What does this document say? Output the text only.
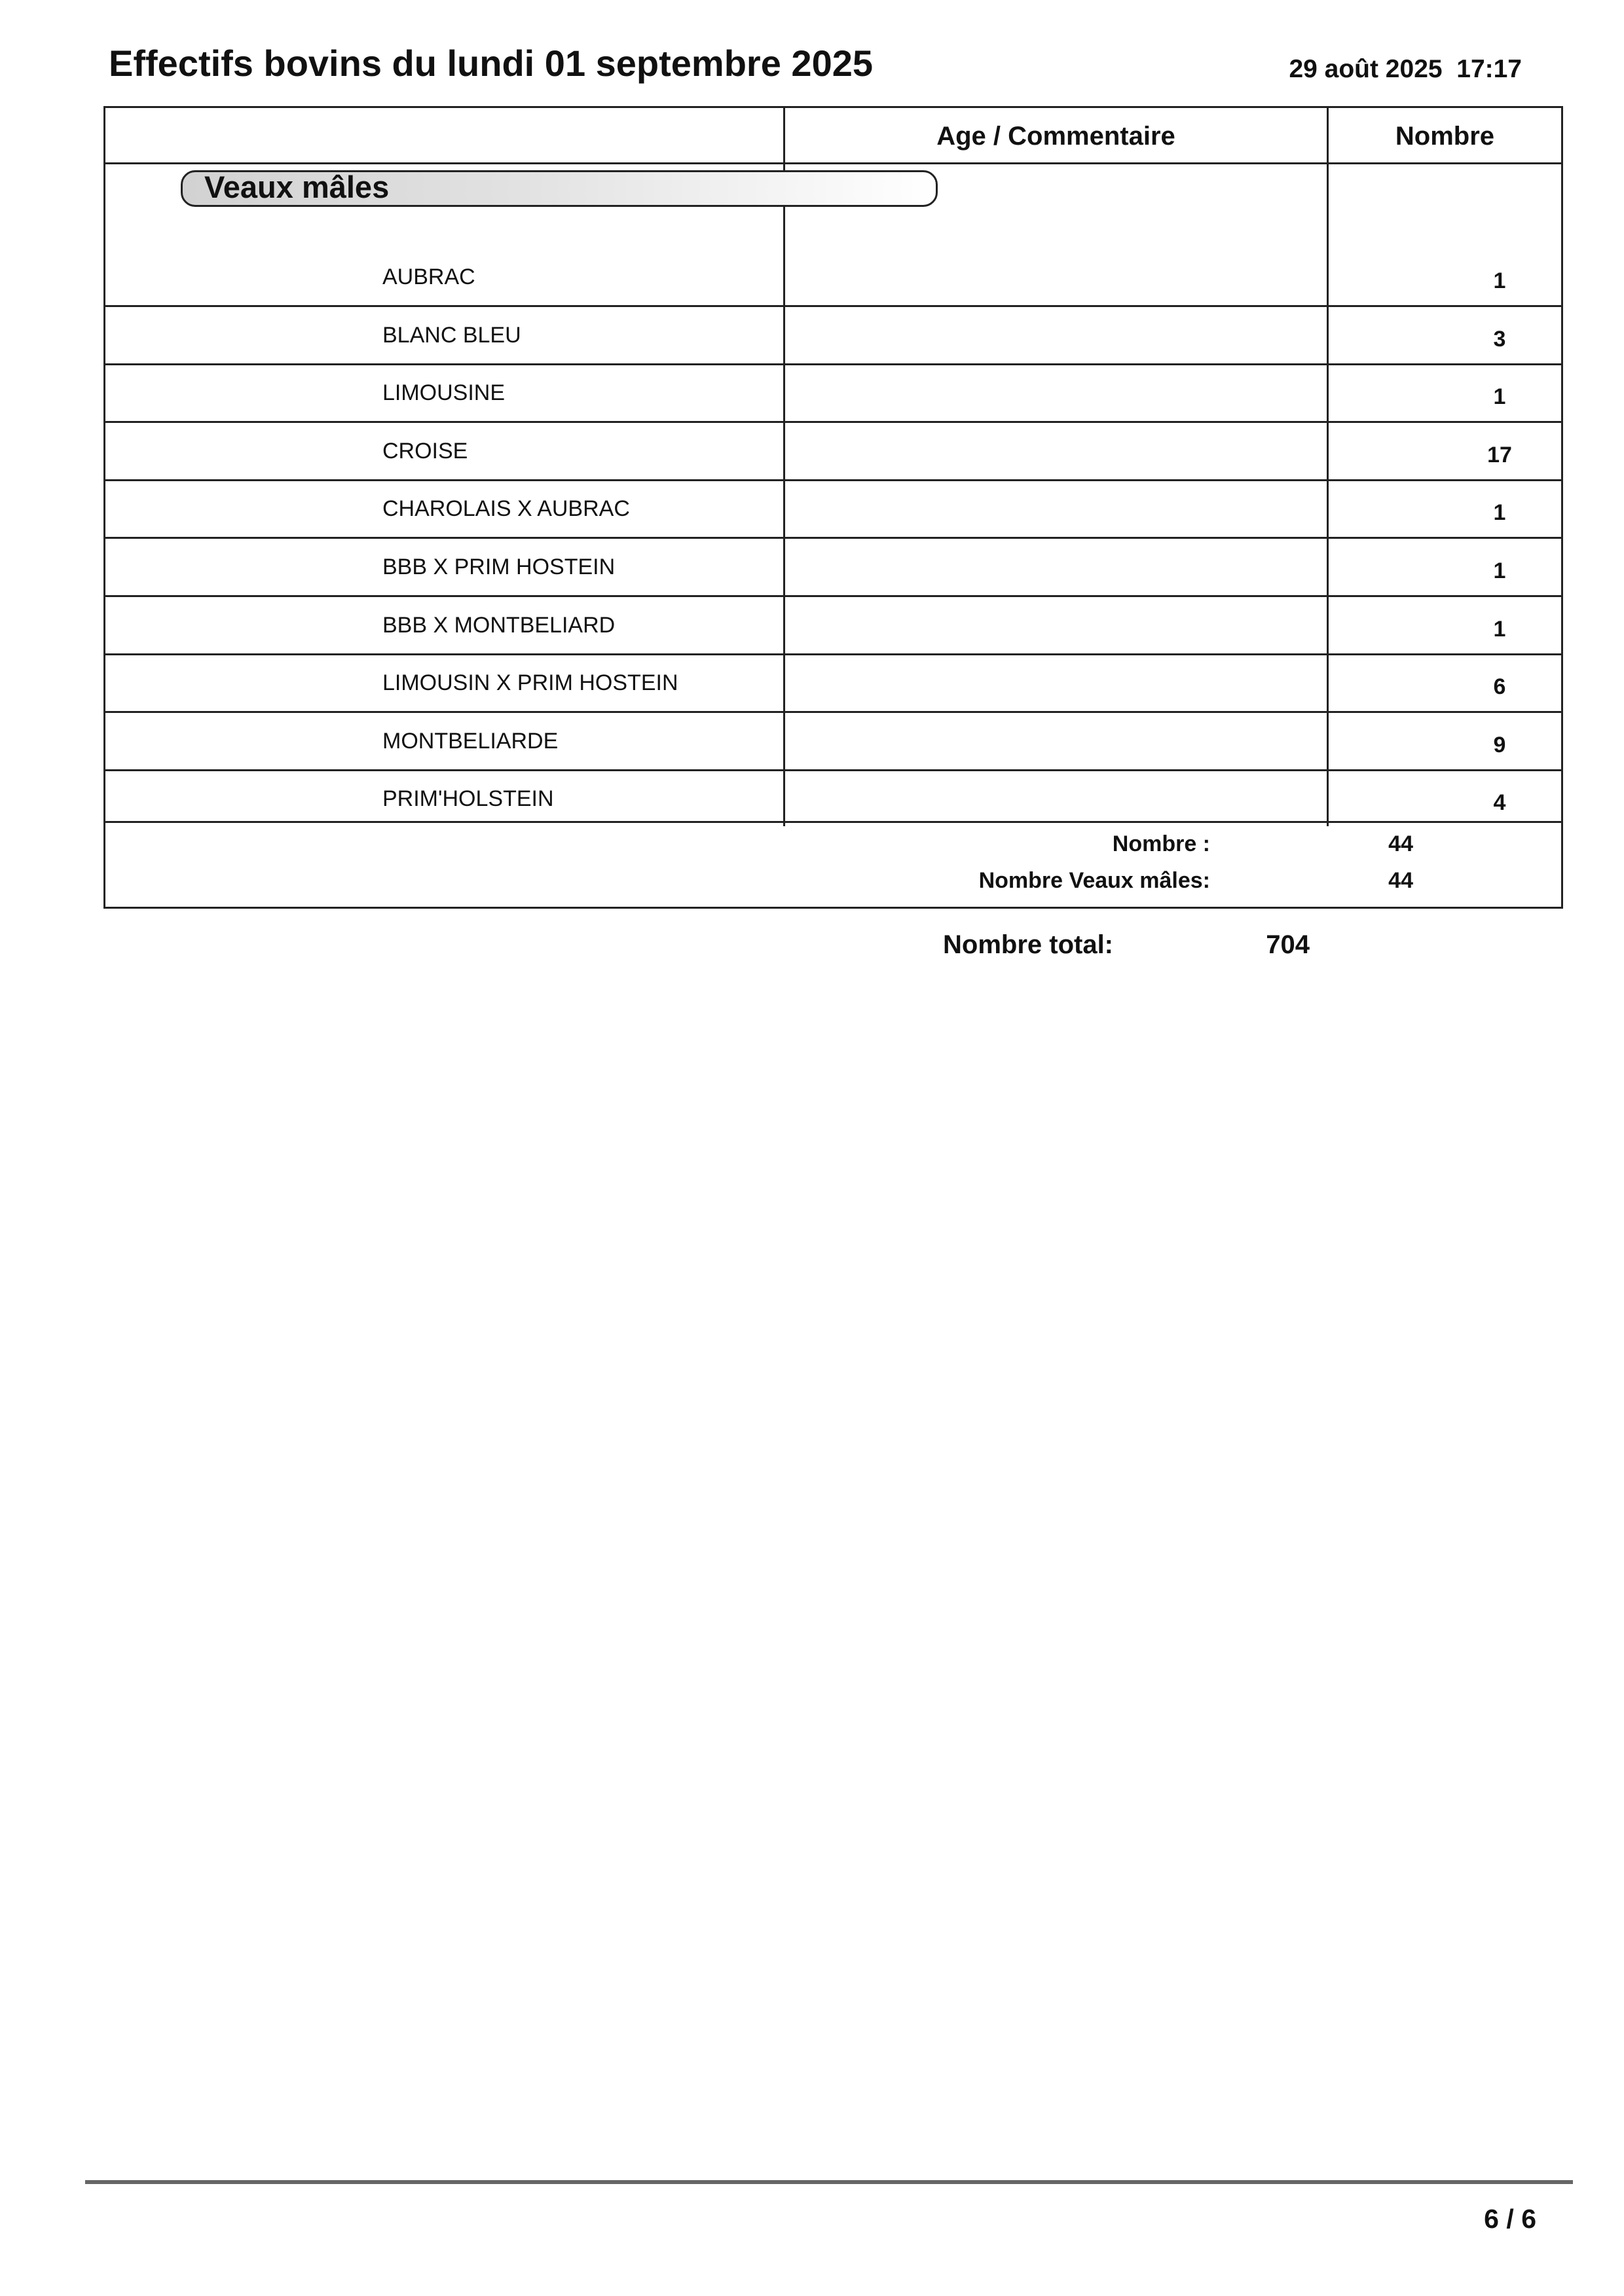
Effectifs bovins du lundi 01 septembre 2025	29 août 2025 17:17
Age / Commentaire	Nombre
AUBRAC	1
BLANC BLEU	3
LIMOUSINE	1
CROISE	17
CHAROLAIS X AUBRAC	1
BBB X PRIM HOSTEIN	1
BBB X MONTBELIARD	1
LIMOUSIN X PRIM HOSTEIN	6
MONTBELIARDE	9
PRIM'HOLSTEIN	4
Nombre :	44
Nombre Veaux mâles:	44
Veaux mâles
Nombre total:	704
6 / 6
